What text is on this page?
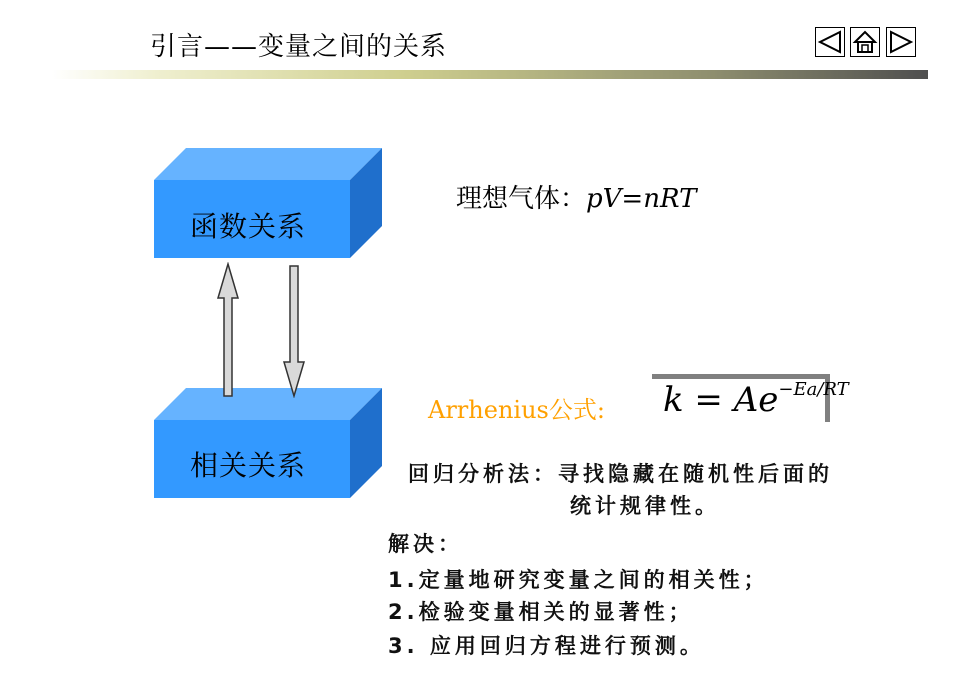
引言——变量之间的关系
函数关系
相关关系
理想气体：pV=nRT
Arrhenius公式: $k = Ae^{-Ea/RT}$
回归分析法：寻找隐藏在随机性后面的
统计规律性。
解决：
1.定量地研究变量之间的相关性；
2.检验变量相关的显著性；
3. 应用回归方程进行预测。
